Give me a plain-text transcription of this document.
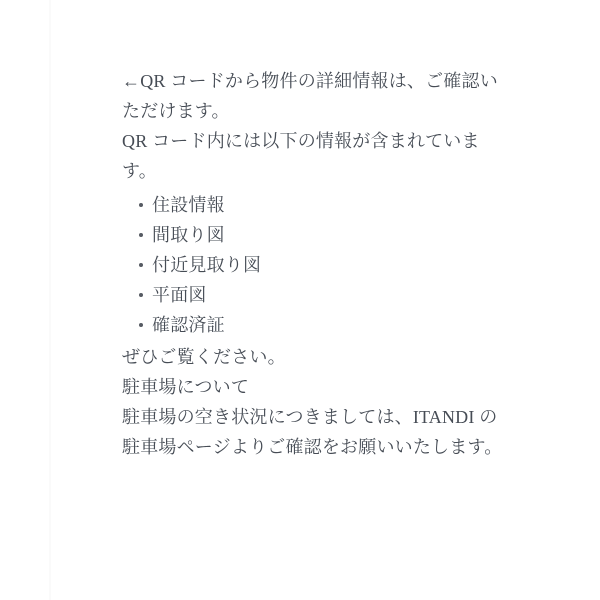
←QR コードから物件の詳細情報は、ご確認い
ただけます。
QR コード内には以下の情報が含まれていま
す。

住設情報
間取り図
付近見取り図
平面図
確認済証

ぜひご覧ください。

駐車場について
駐車場の空き状況につきましては、ITANDI の
駐車場ページよりご確認をお願いいたします。
